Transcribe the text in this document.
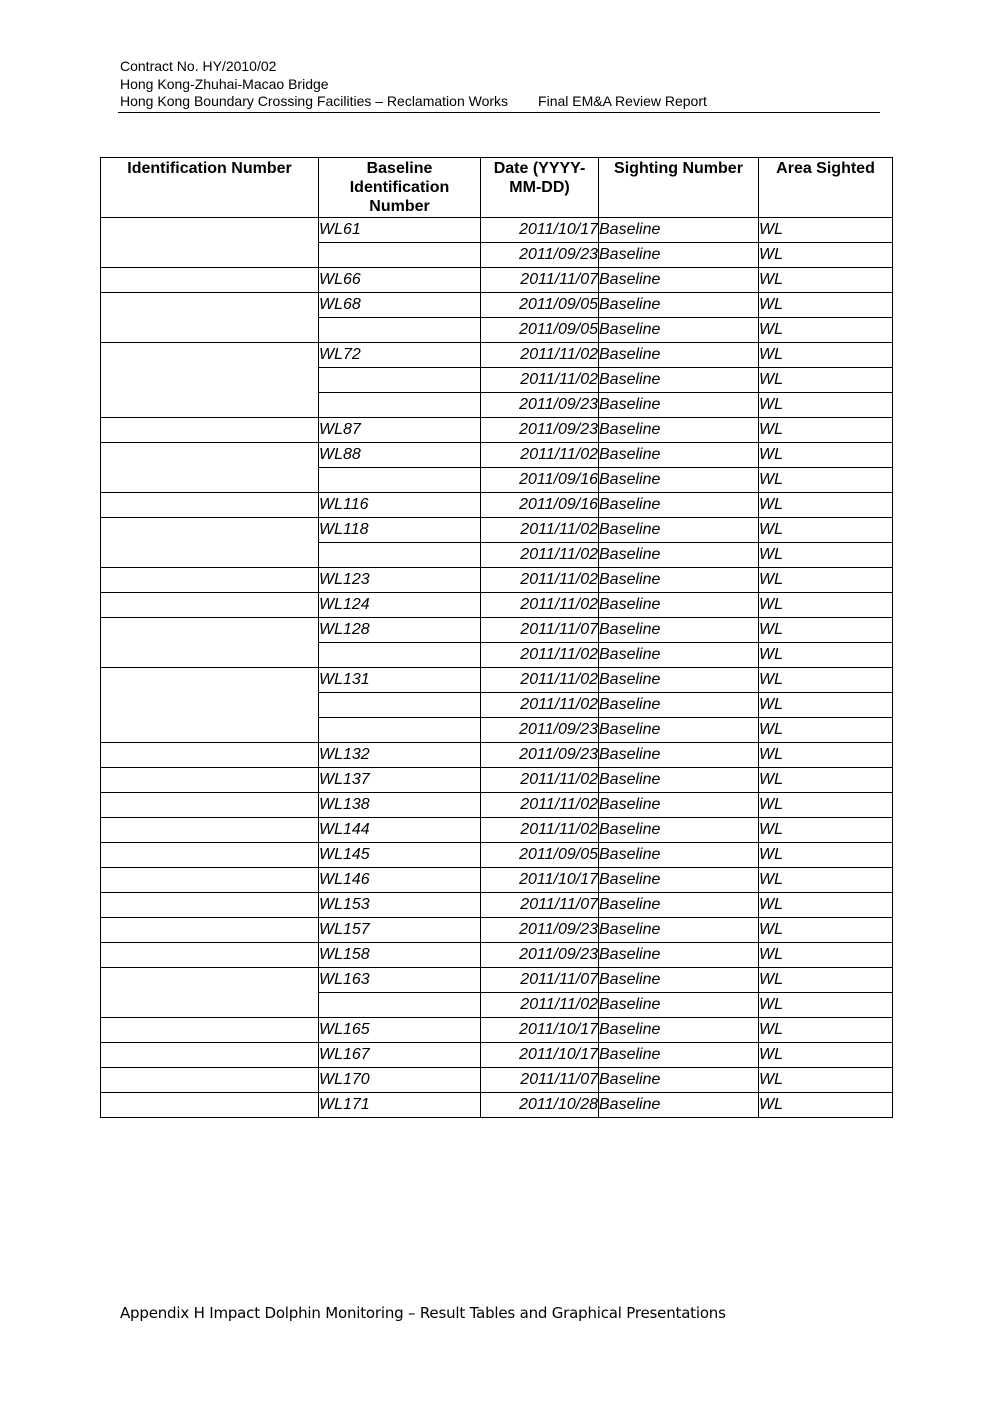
Contract No. HY/2010/02
Hong Kong-Zhuhai-Macao Bridge
Hong Kong Boundary Crossing Facilities – Reclamation Works Final EM&A Review Report
Identification Number	Baseline Identification Number	Date (YYYY-MM-DD)	Sighting Number	Area Sighted
	WL61	2011/10/17	Baseline	WL
		2011/09/23	Baseline	WL
	WL66	2011/11/07	Baseline	WL
	WL68	2011/09/05	Baseline	WL
		2011/09/05	Baseline	WL
	WL72	2011/11/02	Baseline	WL
		2011/11/02	Baseline	WL
		2011/09/23	Baseline	WL
	WL87	2011/09/23	Baseline	WL
	WL88	2011/11/02	Baseline	WL
		2011/09/16	Baseline	WL
	WL116	2011/09/16	Baseline	WL
	WL118	2011/11/02	Baseline	WL
		2011/11/02	Baseline	WL
	WL123	2011/11/02	Baseline	WL
	WL124	2011/11/02	Baseline	WL
	WL128	2011/11/07	Baseline	WL
		2011/11/02	Baseline	WL
	WL131	2011/11/02	Baseline	WL
		2011/11/02	Baseline	WL
		2011/09/23	Baseline	WL
	WL132	2011/09/23	Baseline	WL
	WL137	2011/11/02	Baseline	WL
	WL138	2011/11/02	Baseline	WL
	WL144	2011/11/02	Baseline	WL
	WL145	2011/09/05	Baseline	WL
	WL146	2011/10/17	Baseline	WL
	WL153	2011/11/07	Baseline	WL
	WL157	2011/09/23	Baseline	WL
	WL158	2011/09/23	Baseline	WL
	WL163	2011/11/07	Baseline	WL
		2011/11/02	Baseline	WL
	WL165	2011/10/17	Baseline	WL
	WL167	2011/10/17	Baseline	WL
	WL170	2011/11/07	Baseline	WL
	WL171	2011/10/28	Baseline	WL
Appendix H Impact Dolphin Monitoring – Result Tables and Graphical Presentations
